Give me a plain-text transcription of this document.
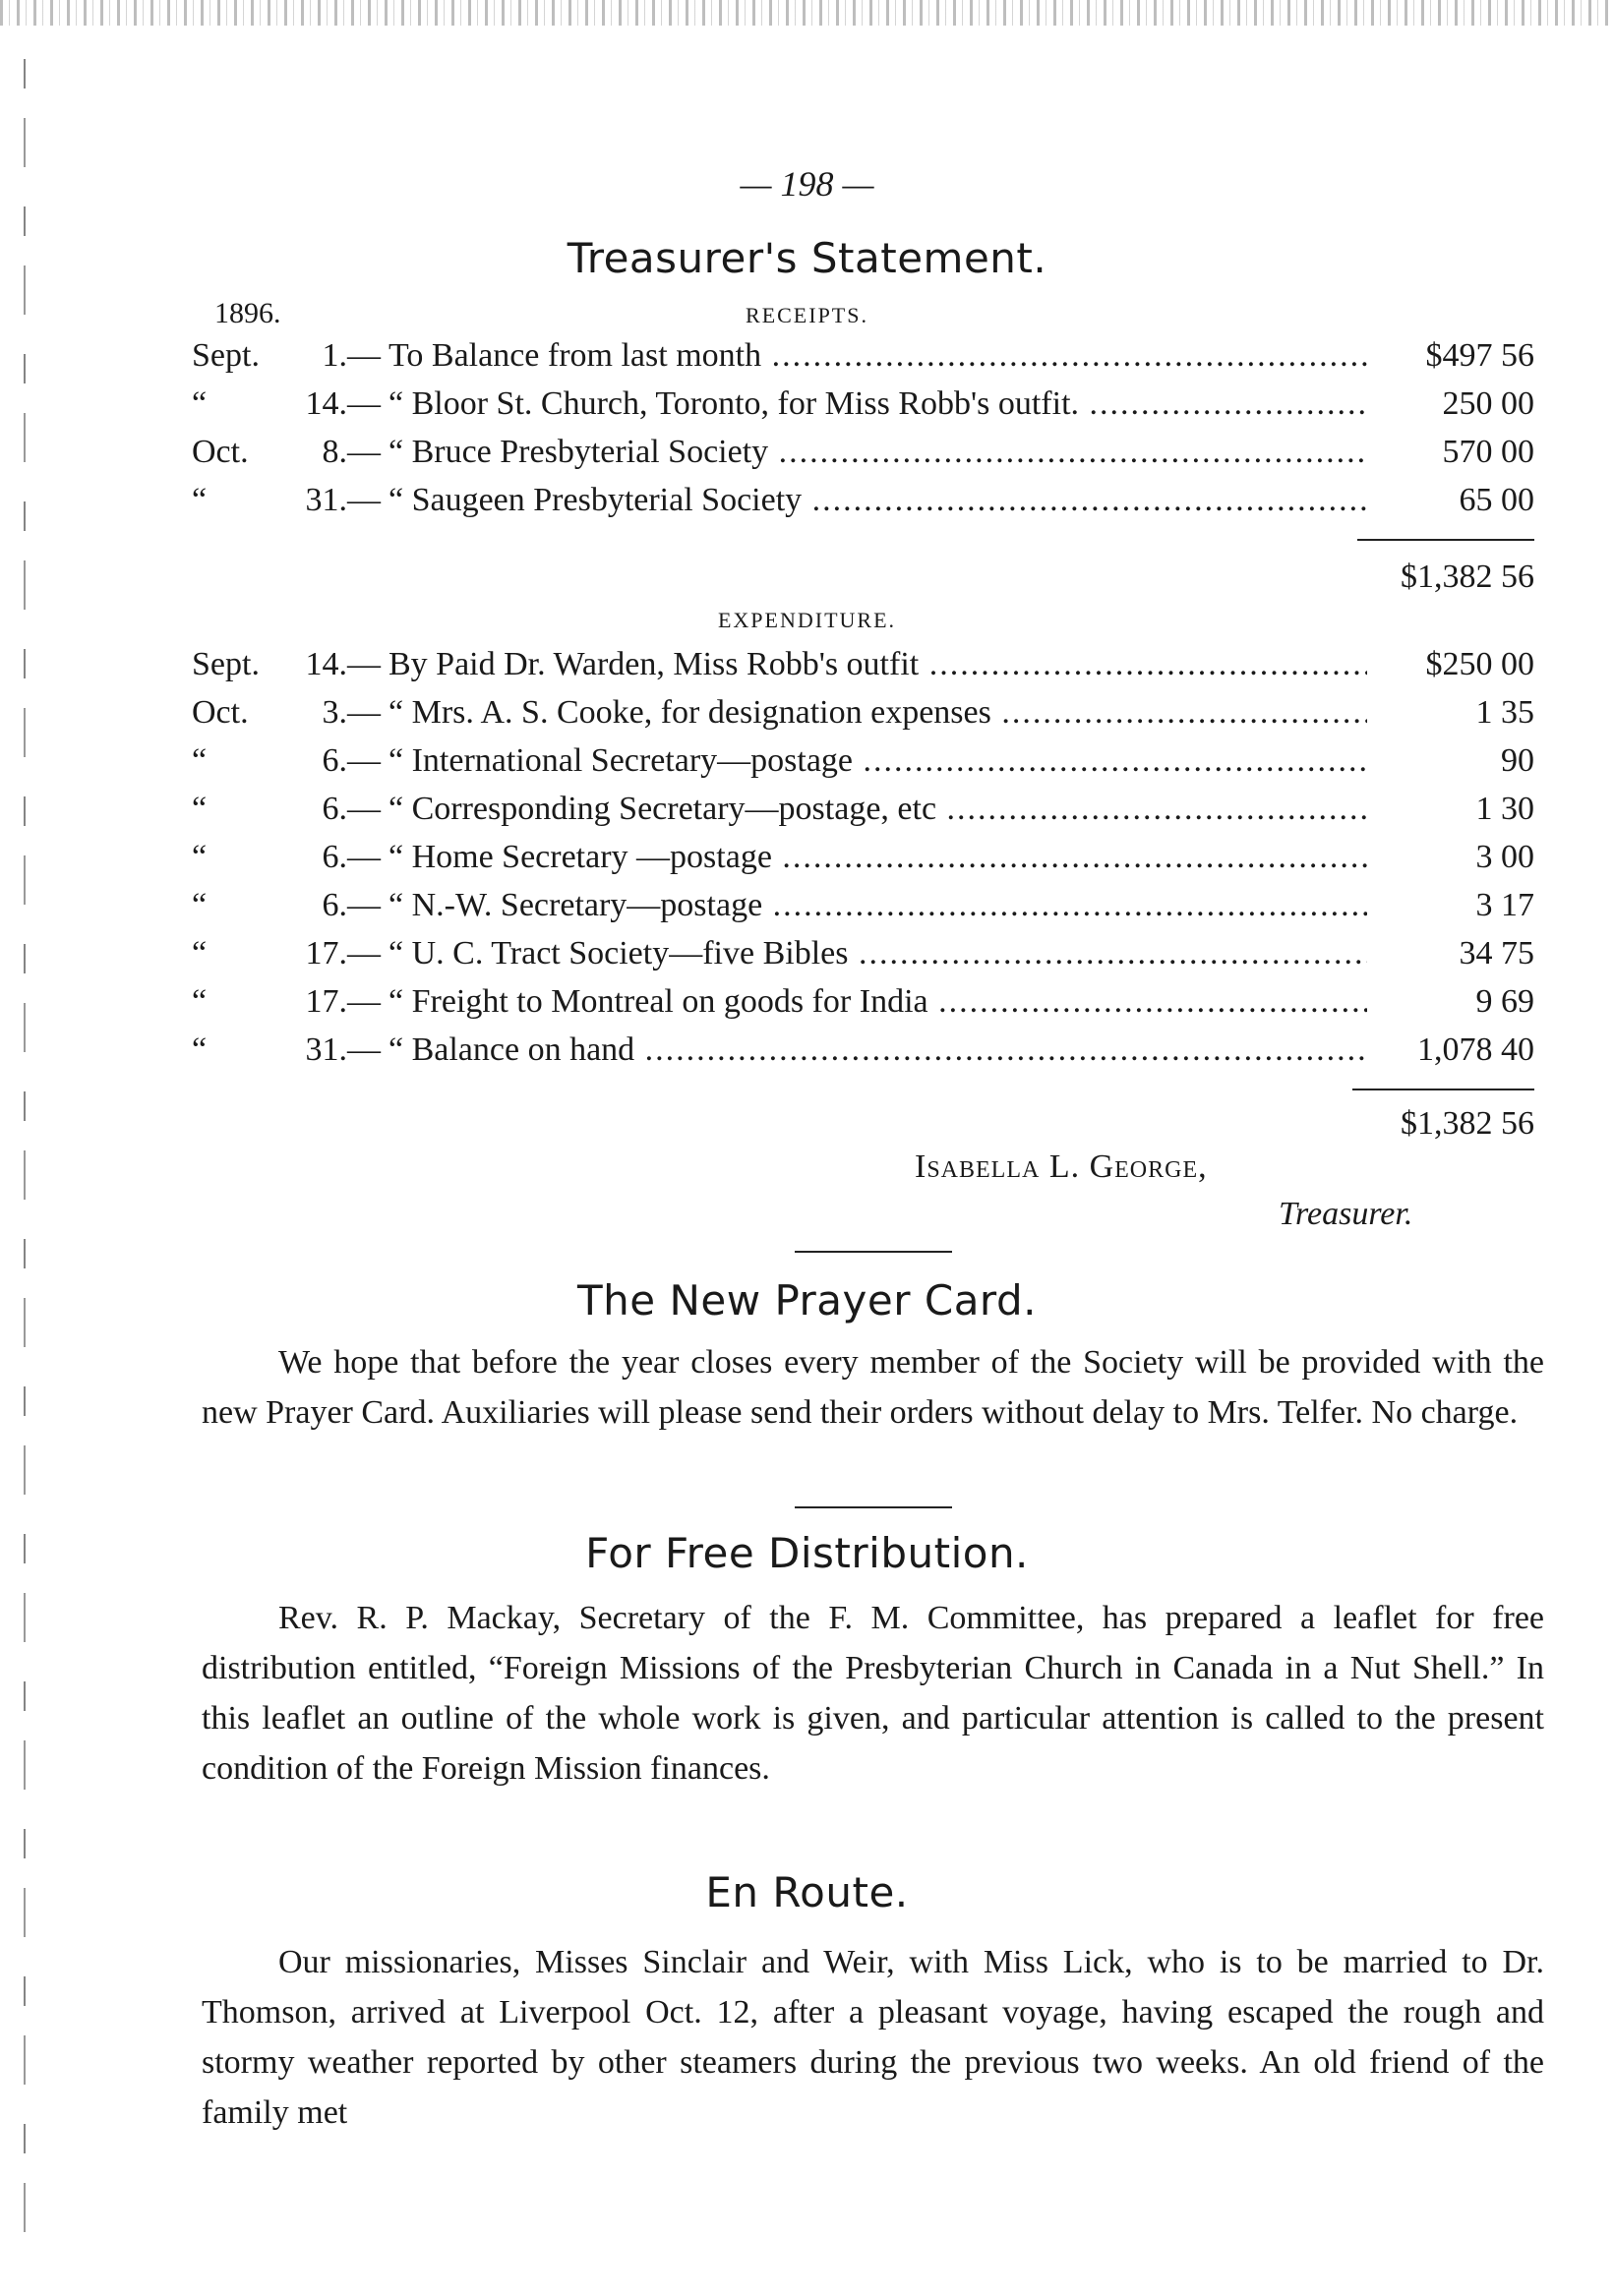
— 198 —
Treasurer's Statement.
1896.	RECEIPTS.
Sept.	1.— To Balance from last month .....	$497 56
“	14.— “ Bloor St. Church, Toronto, for Miss Robb's outfit. .....	250 00
Oct.	8.— “ Bruce Presbyterial Society .....	570 00
“	31.— “ Saugeen Presbyterial Society .....	65 00
$1,382 56
EXPENDITURE.
Sept.	14.— By Paid Dr. Warden, Miss Robb's outfit .....	$250 00
Oct.	3.— “ Mrs. A. S. Cooke, for designation expenses .....	1 35
“	6.— “ International Secretary—postage .....	90
“	6.— “ Corresponding Secretary—postage, etc .....	1 30
“	6.— “ Home Secretary —postage .....	3 00
“	6.— “ N.-W. Secretary—postage .....	3 17
“	17.— “ U. C. Tract Society—five Bibles .....	34 75
“	17.— “ Freight to Montreal on goods for India .....	9 69
“	31.— “ Balance on hand .....	1,078 40
$1,382 56
Isabella L. George,
Treasurer.
The New Prayer Card.
We hope that before the year closes every member of the Society will be provided with the new Prayer Card. Auxiliaries will please send their orders without delay to Mrs. Telfer. No charge.
For Free Distribution.
Rev. R. P. Mackay, Secretary of the F. M. Committee, has prepared a leaflet for free distribution entitled, “Foreign Missions of the Presbyterian Church in Canada in a Nut Shell.” In this leaflet an outline of the whole work is given, and particular attention is called to the present condition of the Foreign Mission finances.
En Route.
Our missionaries, Misses Sinclair and Weir, with Miss Lick, who is to be married to Dr. Thomson, arrived at Liverpool Oct. 12, after a pleasant voyage, having escaped the rough and stormy weather reported by other steamers during the previous two weeks. An old friend of the family met
